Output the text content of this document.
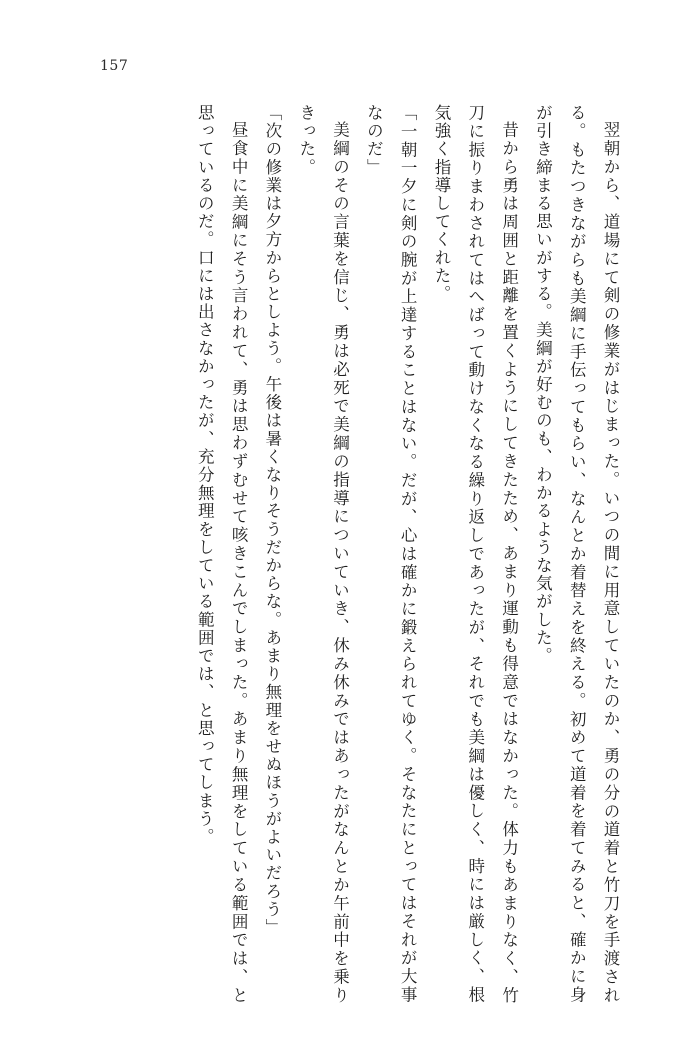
157

翌朝から、道場にて剣の修業がはじまった。いつの間に用意していたのか、勇の分の道着と竹刀を手渡される。もたつきながらも美綱に手伝ってもらい、なんとか着替えを終える。初めて道着を着てみると、確かに身が引き締まる思いがする。美綱が好むのも、わかるような気がした。

昔から勇は周囲と距離を置くようにしてきたため、あまり運動も得意ではなかった。体力もあまりなく、竹刀に振りまわされてはへばって動けなくなる繰り返しであったが、それでも美綱は優しく、時には厳しく、根気強く指導してくれた。

「一朝一夕に剣の腕が上達することはない。だが、心は確かに鍛えられてゆく。そなたにとってはそれが大事なのだ」

美綱のその言葉を信じ、勇は必死で美綱の指導についていき、休み休みではあったがなんとか午前中を乗りきった。

「次の修業は夕方からとしよう。午後は暑くなりそうだからな。あまり無理をせぬほうがよいだろう」

昼食中に美綱にそう言われて、勇は思わずむせて咳きこんでしまった。あまり無理をしている範囲では、と思っているのだ。口には出さなかったが、充分無理をしている範囲では、と思ってしまう。
